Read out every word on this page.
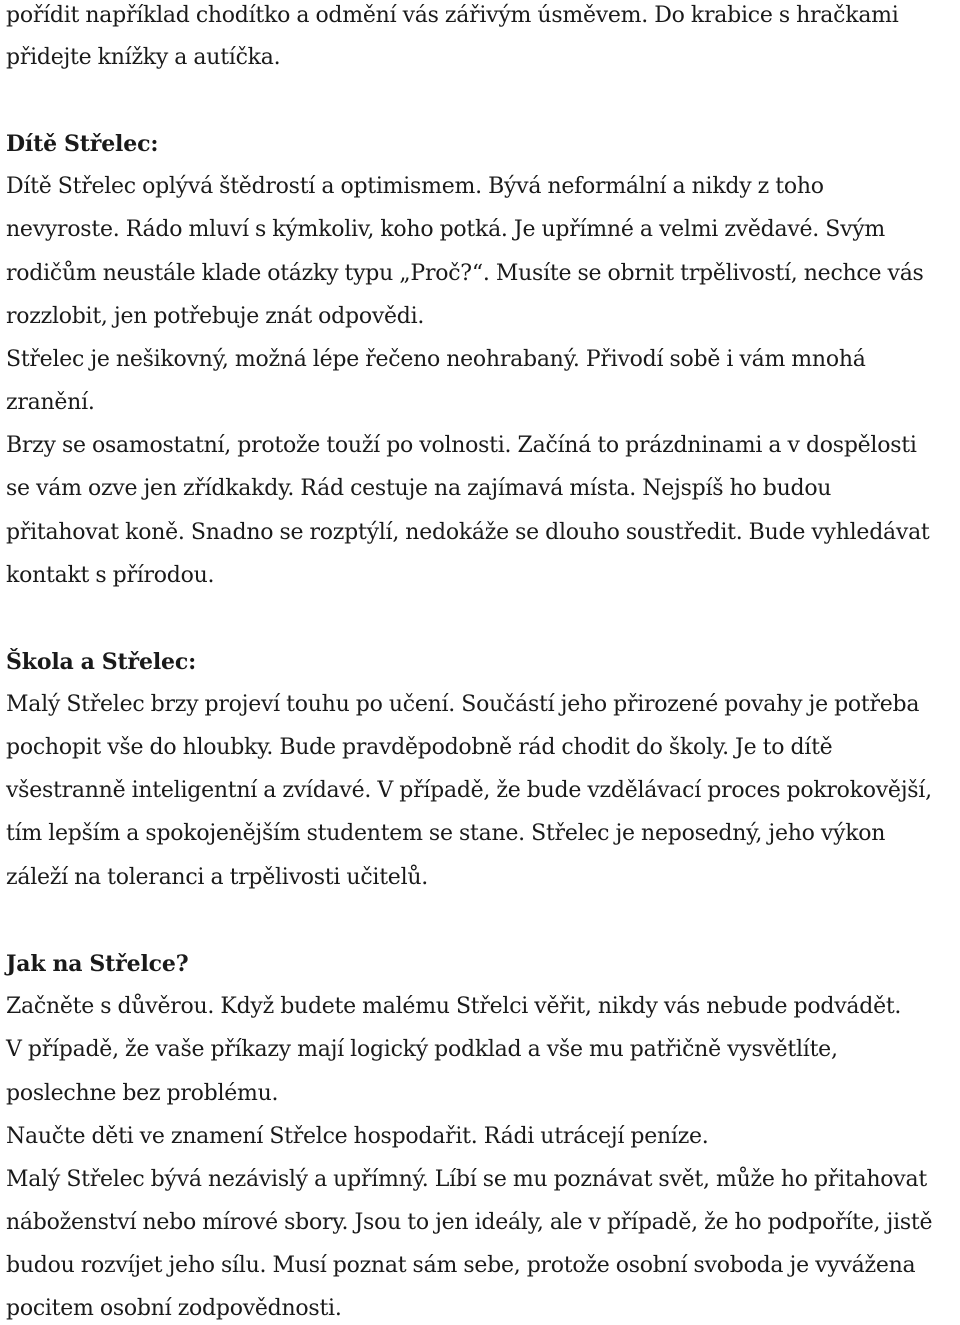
pořídit například chodítko a odmění vás zářivým úsměvem. Do krabice s hračkami
přidejte knížky a autíčka.
Dítě Střelec:
Dítě Střelec oplývá štědrostí a optimismem. Bývá neformální a nikdy z toho
nevyroste. Rádo mluví s kýmkoliv, koho potká. Je upřímné a velmi zvědavé. Svým
rodičům neustále klade otázky typu „Proč?“. Musíte se obrnit trpělivostí, nechce vás
rozzlobit, jen potřebuje znát odpovědi.
Střelec je nešikovný, možná lépe řečeno neohrabaný. Přivodí sobě i vám mnohá
zranění.
Brzy se osamostatní, protože touží po volnosti. Začíná to prázdninami a v dospělosti
se vám ozve jen zřídkakdy. Rád cestuje na zajímavá místa. Nejspíš ho budou
přitahovat koně. Snadno se rozptýlí, nedokáže se dlouho soustředit. Bude vyhledávat
kontakt s přírodou.
Škola a Střelec:
Malý Střelec brzy projeví touhu po učení. Součástí jeho přirozené povahy je potřeba
pochopit vše do hloubky. Bude pravděpodobně rád chodit do školy. Je to dítě
všestranně inteligentní a zvídavé. V případě, že bude vzdělávací proces pokrokovější,
tím lepším a spokojenějším studentem se stane. Střelec je neposedný, jeho výkon
záleží na toleranci a trpělivosti učitelů.
Jak na Střelce?
Začněte s důvěrou. Když budete malému Střelci věřit, nikdy vás nebude podvádět.
V případě, že vaše příkazy mají logický podklad a vše mu patřičně vysvětlíte,
poslechne bez problému.
Naučte děti ve znamení Střelce hospodařit. Rádi utrácejí peníze.
Malý Střelec bývá nezávislý a upřímný. Líbí se mu poznávat svět, může ho přitahovat
náboženství nebo mírové sbory. Jsou to jen ideály, ale v případě, že ho podpoříte, jistě
budou rozvíjet jeho sílu. Musí poznat sám sebe, protože osobní svoboda je vyvážena
pocitem osobní zodpovědnosti.
